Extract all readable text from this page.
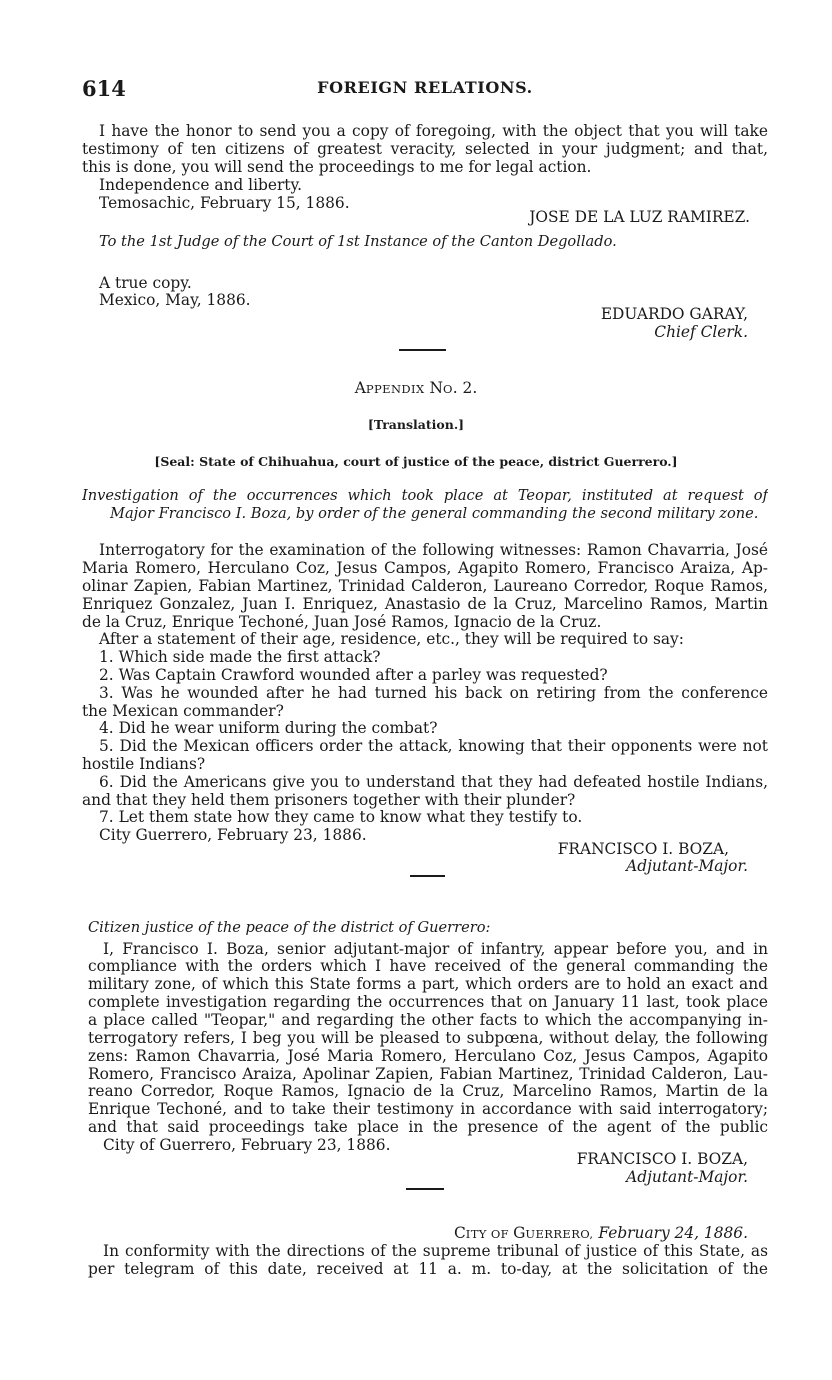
614	FOREIGN RELATIONS.
I have the honor to send you a copy of foregoing, with the object that you will take
testimony of ten citizens of greatest veracity, selected in your judgment; and that,
this is done, you will send the proceedings to me for legal action.
Independence and liberty.
Temosachic, February 15, 1886.
JOSE DE LA LUZ RAMIREZ.
To the 1st Judge of the Court of 1st Instance of the Canton Degollado.
A true copy.
Mexico, May, 1886.
EDUARDO GARAY,
Chief Clerk.
APPENDIX NO. 2.
[Translation.]
[Seal: State of Chihuahua, court of justice of the peace, district Guerrero.]
Investigation of the occurrences which took place at Teopar, instituted at request of
Major Francisco I. Boza, by order of the general commanding the second military zone.
Interrogatory for the examination of the following witnesses: Ramon Chavarria, José
Maria Romero, Herculano Coz, Jesus Campos, Agapito Romero, Francisco Araiza, Ap-
olinar Zapien, Fabian Martinez, Trinidad Calderon, Laureano Corredor, Roque Ramos,
Enriquez Gonzalez, Juan I. Enriquez, Anastasio de la Cruz, Marcelino Ramos, Martin
de la Cruz, Enrique Techoné, Juan José Ramos, Ignacio de la Cruz.
After a statement of their age, residence, etc., they will be required to say:
1. Which side made the first attack?
2. Was Captain Crawford wounded after a parley was requested?
3. Was he wounded after he had turned his back on retiring from the conference
the Mexican commander?
4. Did he wear uniform during the combat?
5. Did the Mexican officers order the attack, knowing that their opponents were not
hostile Indians?
6. Did the Americans give you to understand that they had defeated hostile Indians,
and that they held them prisoners together with their plunder?
7. Let them state how they came to know what they testify to.
City Guerrero, February 23, 1886.
FRANCISCO I. BOZA,
Adjutant-Major.
Citizen justice of the peace of the district of Guerrero:
I, Francisco I. Boza, senior adjutant-major of infantry, appear before you, and in
compliance with the orders which I have received of the general commanding the
military zone, of which this State forms a part, which orders are to hold an exact and
complete investigation regarding the occurrences that on January 11 last, took place
a place called "Teopar," and regarding the other facts to which the accompanying in-
terrogatory refers, I beg you will be pleased to subpœna, without delay, the following
zens: Ramon Chavarria, José Maria Romero, Herculano Coz, Jesus Campos, Agapito
Romero, Francisco Araiza, Apolinar Zapien, Fabian Martinez, Trinidad Calderon, Lau-
reano Corredor, Roque Ramos, Ignacio de la Cruz, Marcelino Ramos, Martin de la
Enrique Techoné, and to take their testimony in accordance with said interrogatory;
and that said proceedings take place in the presence of the agent of the public
City of Guerrero, February 23, 1886.
FRANCISCO I. BOZA,
Adjutant-Major.
CITY OF GUERRERO, February 24, 1886.
In conformity with the directions of the supreme tribunal of justice of this State, as
per telegram of this date, received at 11 a. m. to-day, at the solicitation of the
